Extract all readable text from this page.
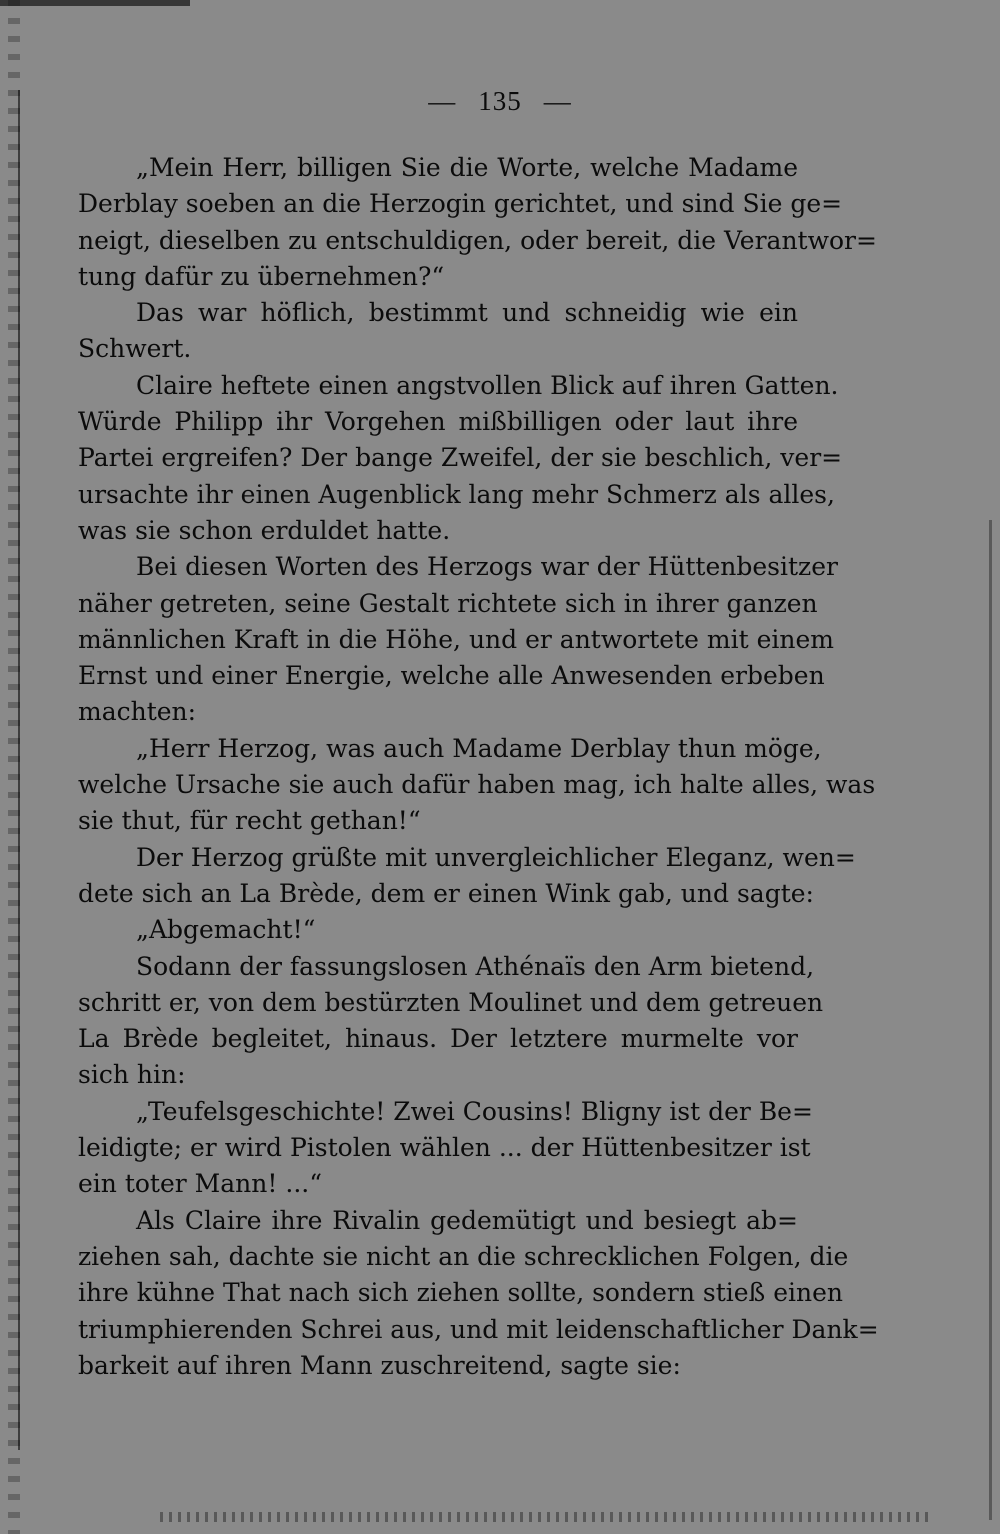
— 135 —
„Mein Herr, billigen Sie die Worte, welche Madame
Derblay soeben an die Herzogin gerichtet, und sind Sie ge=
neigt, dieselben zu entschuldigen, oder bereit, die Verantwor=
tung dafür zu übernehmen?“
Das war höflich, bestimmt und schneidig wie ein
Schwert.
Claire heftete einen angstvollen Blick auf ihren Gatten.
Würde Philipp ihr Vorgehen mißbilligen oder laut ihre
Partei ergreifen? Der bange Zweifel, der sie beschlich, ver=
ursachte ihr einen Augenblick lang mehr Schmerz als alles,
was sie schon erduldet hatte.
Bei diesen Worten des Herzogs war der Hüttenbesitzer
näher getreten, seine Gestalt richtete sich in ihrer ganzen
männlichen Kraft in die Höhe, und er antwortete mit einem
Ernst und einer Energie, welche alle Anwesenden erbeben
machten:
„Herr Herzog, was auch Madame Derblay thun möge,
welche Ursache sie auch dafür haben mag, ich halte alles, was
sie thut, für recht gethan!“
Der Herzog grüßte mit unvergleichlicher Eleganz, wen=
dete sich an La Brède, dem er einen Wink gab, und sagte:
„Abgemacht!“
Sodann der fassungslosen Athénaïs den Arm bietend,
schritt er, von dem bestürzten Moulinet und dem getreuen
La Brède begleitet, hinaus. Der letztere murmelte vor
sich hin:
„Teufelsgeschichte! Zwei Cousins! Bligny ist der Be=
leidigte; er wird Pistolen wählen ... der Hüttenbesitzer ist
ein toter Mann! ...“
Als Claire ihre Rivalin gedemütigt und besiegt ab=
ziehen sah, dachte sie nicht an die schrecklichen Folgen, die
ihre kühne That nach sich ziehen sollte, sondern stieß einen
triumphierenden Schrei aus, und mit leidenschaftlicher Dank=
barkeit auf ihren Mann zuschreitend, sagte sie:
